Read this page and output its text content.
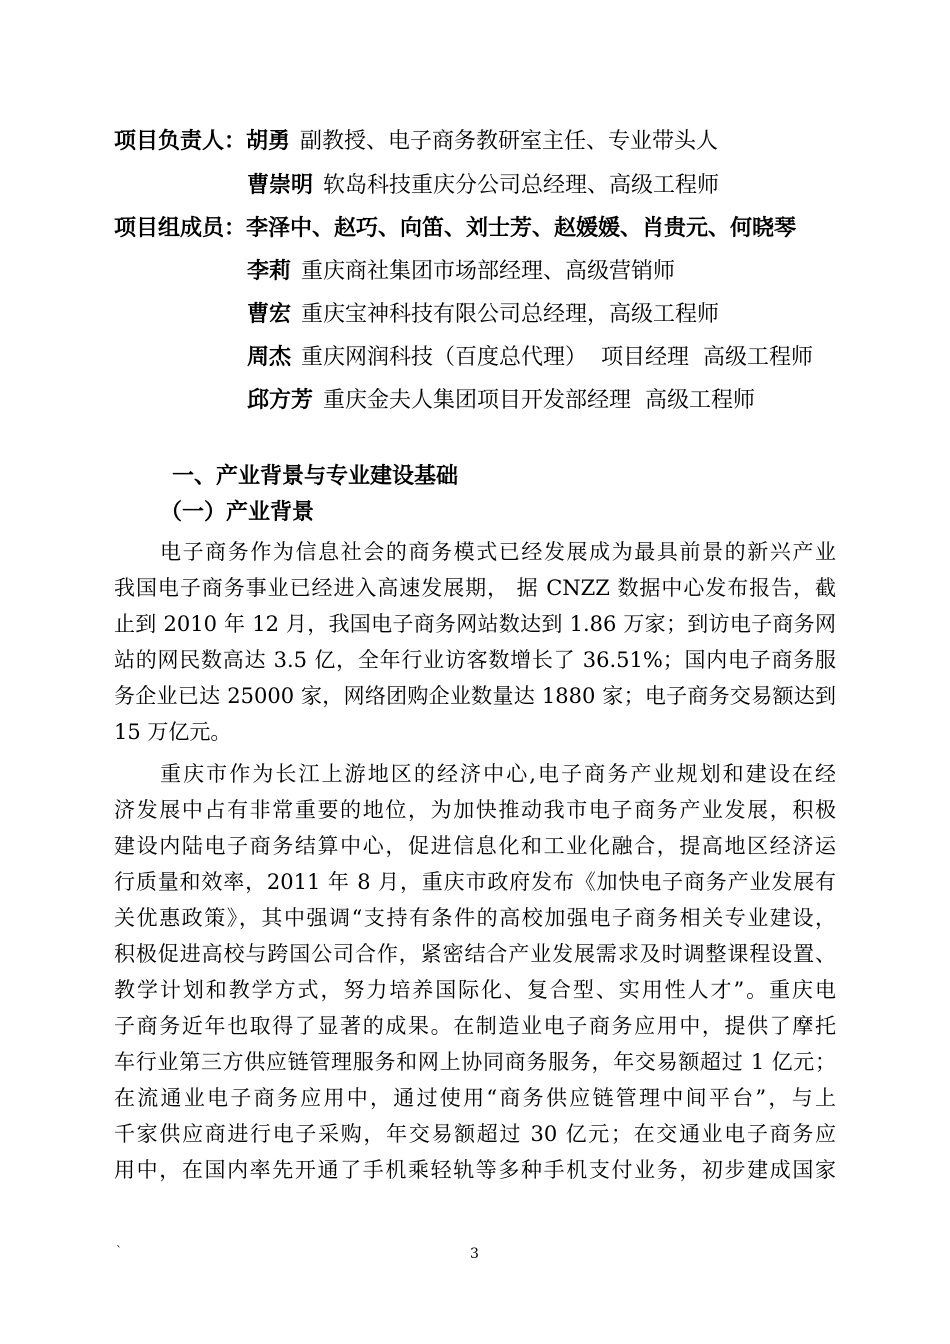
项目负责人：胡勇 副教授、电子商务教研室主任、专业带头人
曹崇明 软岛科技重庆分公司总经理、高级工程师
项目组成员：李泽中、赵巧、向笛、刘士芳、赵媛媛、肖贵元、何晓琴
李莉 重庆商社集团市场部经理、高级营销师
曹宏 重庆宝神科技有限公司总经理，高级工程师
周杰 重庆网润科技（百度总代理）  项目经理  高级工程师
邱方芳 重庆金夫人集团项目开发部经理  高级工程师
一、产业背景与专业建设基础
（一）产业背景
电子商务作为信息社会的商务模式已经发展成为最具前景的新兴产业
我国电子商务事业已经进入高速发展期， 据 CNZZ 数据中心发布报告，截
止到 2010 年 12 月，我国电子商务网站数达到 1.86 万家；到访电子商务网
站的网民数高达 3.5 亿，全年行业访客数增长了 36.51%；国内电子商务服
务企业已达 25000 家，网络团购企业数量达 1880 家；电子商务交易额达到
15 万亿元。
重庆市作为长江上游地区的经济中心,电子商务产业规划和建设在经
济发展中占有非常重要的地位，为加快推动我市电子商务产业发展，积极
建设内陆电子商务结算中心，促进信息化和工业化融合，提高地区经济运
行质量和效率，2011 年 8 月，重庆市政府发布《加快电子商务产业发展有
关优惠政策》，其中强调“支持有条件的高校加强电子商务相关专业建设，
积极促进高校与跨国公司合作，紧密结合产业发展需求及时调整课程设置、
教学计划和教学方式，努力培养国际化、复合型、实用性人才”。重庆电
子商务近年也取得了显著的成果。在制造业电子商务应用中，提供了摩托
车行业第三方供应链管理服务和网上协同商务服务，年交易额超过 1 亿元；
在流通业电子商务应用中，通过使用“商务供应链管理中间平台”，与上
千家供应商进行电子采购，年交易额超过 30 亿元；在交通业电子商务应
用中，在国内率先开通了手机乘轻轨等多种手机支付业务，初步建成国家
`	3
